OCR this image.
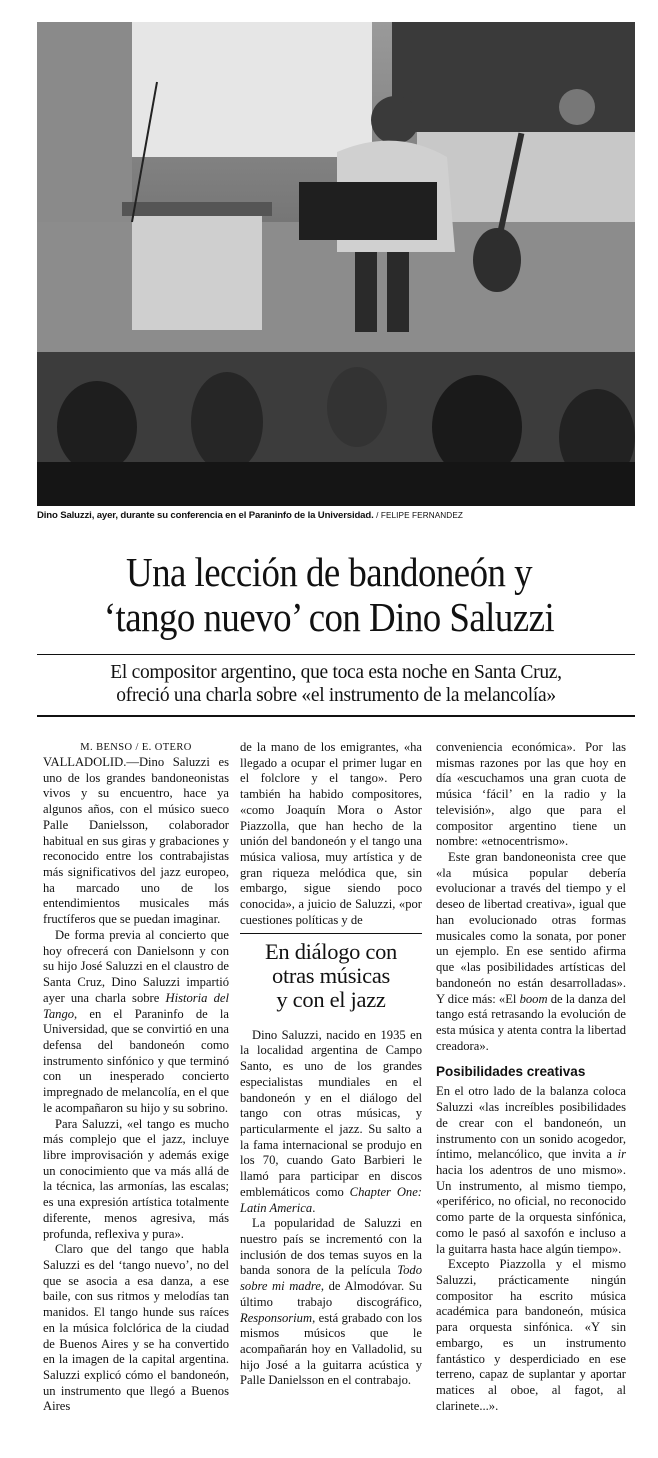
Dino Saluzzi, ayer, durante su conferencia en el Paraninfo de la Universidad. / FELIPE FERNANDEZ
Una lección de bandoneón y
‘tango nuevo’ con Dino Saluzzi
El compositor argentino, que toca esta noche en Santa Cruz,
ofreció una charla sobre «el instrumento de la melancolía»
M. BENSO / E. OTERO

VALLADOLID.—Dino Saluzzi es uno de los grandes bandoneonistas vivos y su encuentro, hace ya algunos años, con el músico sueco Palle Danielsson, colaborador habitual en sus giras y grabaciones y reconocido entre los contrabajistas más significativos del jazz europeo, ha marcado uno de los entendimientos musicales más fructíferos que se puedan imaginar.

De forma previa al concierto que hoy ofrecerá con Danielsonn y con su hijo José Saluzzi en el claustro de Santa Cruz, Dino Saluzzi impartió ayer una charla sobre Historia del Tango, en el Paraninfo de la Universidad, que se convirtió en una defensa del bandoneón como instrumento sinfónico y que terminó con un inesperado concierto impregnado de melancolía, en el que le acompañaron su hijo y su sobrino.

Para Saluzzi, «el tango es mucho más complejo que el jazz, incluye libre improvisación y además exige un conocimiento que va más allá de la técnica, las armonías, las escalas; es una expresión artística totalmente diferente, menos agresiva, más profunda, reflexiva y pura».

Claro que del tango que habla Saluzzi es del ‘tango nuevo’, no del que se asocia a esa danza, a ese baile, con sus ritmos y melodías tan manidos. El tango hunde sus raíces en la música folclórica de la ciudad de Buenos Aires y se ha convertido en la imagen de la capital argentina. Saluzzi explicó cómo el bandoneón, un instrumento que llegó a Buenos Aires

de la mano de los emigrantes, «ha llegado a ocupar el primer lugar en el folclore y el tango». Pero también ha habido compositores, «como Joaquín Mora o Astor Piazzolla, que han hecho de la unión del bandoneón y el tango una música valiosa, muy artística y de gran riqueza melódica que, sin embargo, sigue siendo poco conocida», a juicio de Saluzzi, «por cuestiones políticas y de

En diálogo con
otras músicas
y con el jazz

Dino Saluzzi, nacido en 1935 en la localidad argentina de Campo Santo, es uno de los grandes especialistas mundiales en el bandoneón y en el diálogo del tango con otras músicas, y particularmente el jazz. Su salto a la fama internacional se produjo en los 70, cuando Gato Barbieri le llamó para participar en discos emblemáticos como Chapter One: Latin America.

La popularidad de Saluzzi en nuestro país se incrementó con la inclusión de dos temas suyos en la banda sonora de la película Todo sobre mi madre, de Almodóvar. Su último trabajo discográfico, Responsorium, está grabado con los mismos músicos que le acompañarán hoy en Valladolid, su hijo José a la guitarra acústica y Palle Danielsson en el contrabajo.

conveniencia económica». Por las mismas razones por las que hoy en día «escuchamos una gran cuota de música ‘fácil’ en la radio y la televisión», algo que para el compositor argentino tiene un nombre: «etnocentrismo».

Este gran bandoneonista cree que «la música popular debería evolucionar a través del tiempo y el deseo de libertad creativa», igual que han evolucionado otras formas musicales como la sonata, por poner un ejemplo. En ese sentido afirma que «las posibilidades artísticas del bandoneón no están desarrolladas». Y dice más: «El boom de la danza del tango está retrasando la evolución de esta música y atenta contra la libertad creadora».

Posibilidades creativas

En el otro lado de la balanza coloca Saluzzi «las increíbles posibilidades de crear con el bandoneón, un instrumento con un sonido acogedor, íntimo, melancólico, que invita a ir hacia los adentros de uno mismo». Un instrumento, al mismo tiempo, «periférico, no oficial, no reconocido como parte de la orquesta sinfónica, como le pasó al saxofón e incluso a la guitarra hasta hace algún tiempo».

Excepto Piazzolla y el mismo Saluzzi, prácticamente ningún compositor ha escrito música académica para bandoneón, música para orquesta sinfónica. «Y sin embargo, es un instrumento fantástico y desperdiciado en ese terreno, capaz de suplantar y aportar matices al oboe, al fagot, al clarinete...».
